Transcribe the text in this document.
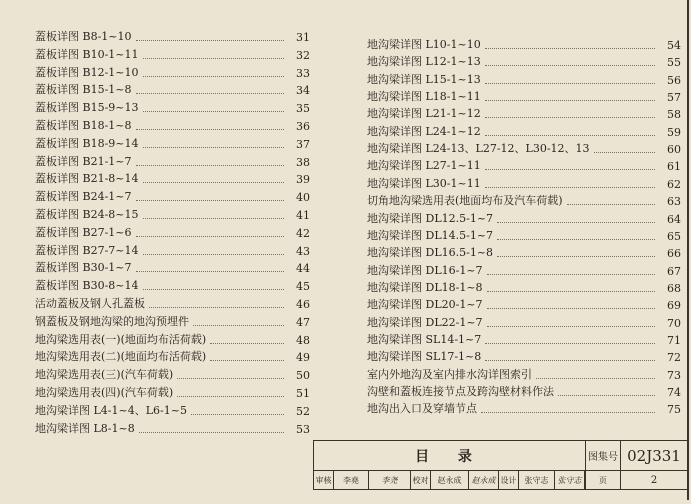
蓋板详图 B8-1~10	31
蓋板详图 B10-1~11	32
蓋板详图 B12-1~10	33
蓋板详图 B15-1~8	34
蓋板详图 B15-9~13	35
蓋板详图 B18-1~8	36
蓋板详图 B18-9~14	37
蓋板详图 B21-1~7	38
蓋板详图 B21-8~14	39
蓋板详图 B24-1~7	40
蓋板详图 B24-8~15	41
蓋板详图 B27-1~6	42
蓋板详图 B27-7~14	43
蓋板详图 B30-1~7	44
蓋板详图 B30-8~14	45
活动蓋板及钢人孔蓋板	46
钢蓋板及钢地沟梁的地沟预埋件	47
地沟梁选用表(一)(地面均布活荷载)	48
地沟梁选用表(二)(地面均布活荷载)	49
地沟梁选用表(三)(汽车荷载)	50
地沟梁选用表(四)(汽车荷载)	51
地沟梁详图 L4-1~4、L6-1~5	52
地沟梁详图 L8-1~8	53
地沟梁详图 L10-1~10	54
地沟梁详图 L12-1~13	55
地沟梁详图 L15-1~13	56
地沟梁详图 L18-1~11	57
地沟梁详图 L21-1~12	58
地沟梁详图 L24-1~12	59
地沟梁详图 L24-13、L27-12、L30-12、13	60
地沟梁详图 L27-1~11	61
地沟梁详图 L30-1~11	62
切角地沟梁选用表(地面均布及汽车荷载)	63
地沟梁详图 DL12.5-1~7	64
地沟梁详图 DL14.5-1~7	65
地沟梁详图 DL16.5-1~8	66
地沟梁详图 DL16-1~7	67
地沟梁详图 DL18-1~8	68
地沟梁详图 DL20-1~7	69
地沟梁详图 DL22-1~7	70
地沟梁详图 SL14-1~7	71
地沟梁详图 SL17-1~8	72
室内外地沟及室内排水沟详图索引	73
沟壁和蓋板连接节点及跨沟壁材料作法	74
地沟出入口及穿墙节点	75
目 录	图集号 02J331
审核	李堯	李尧	校对	赵永成	赵永成 设计	张守志	张守志	页	2
